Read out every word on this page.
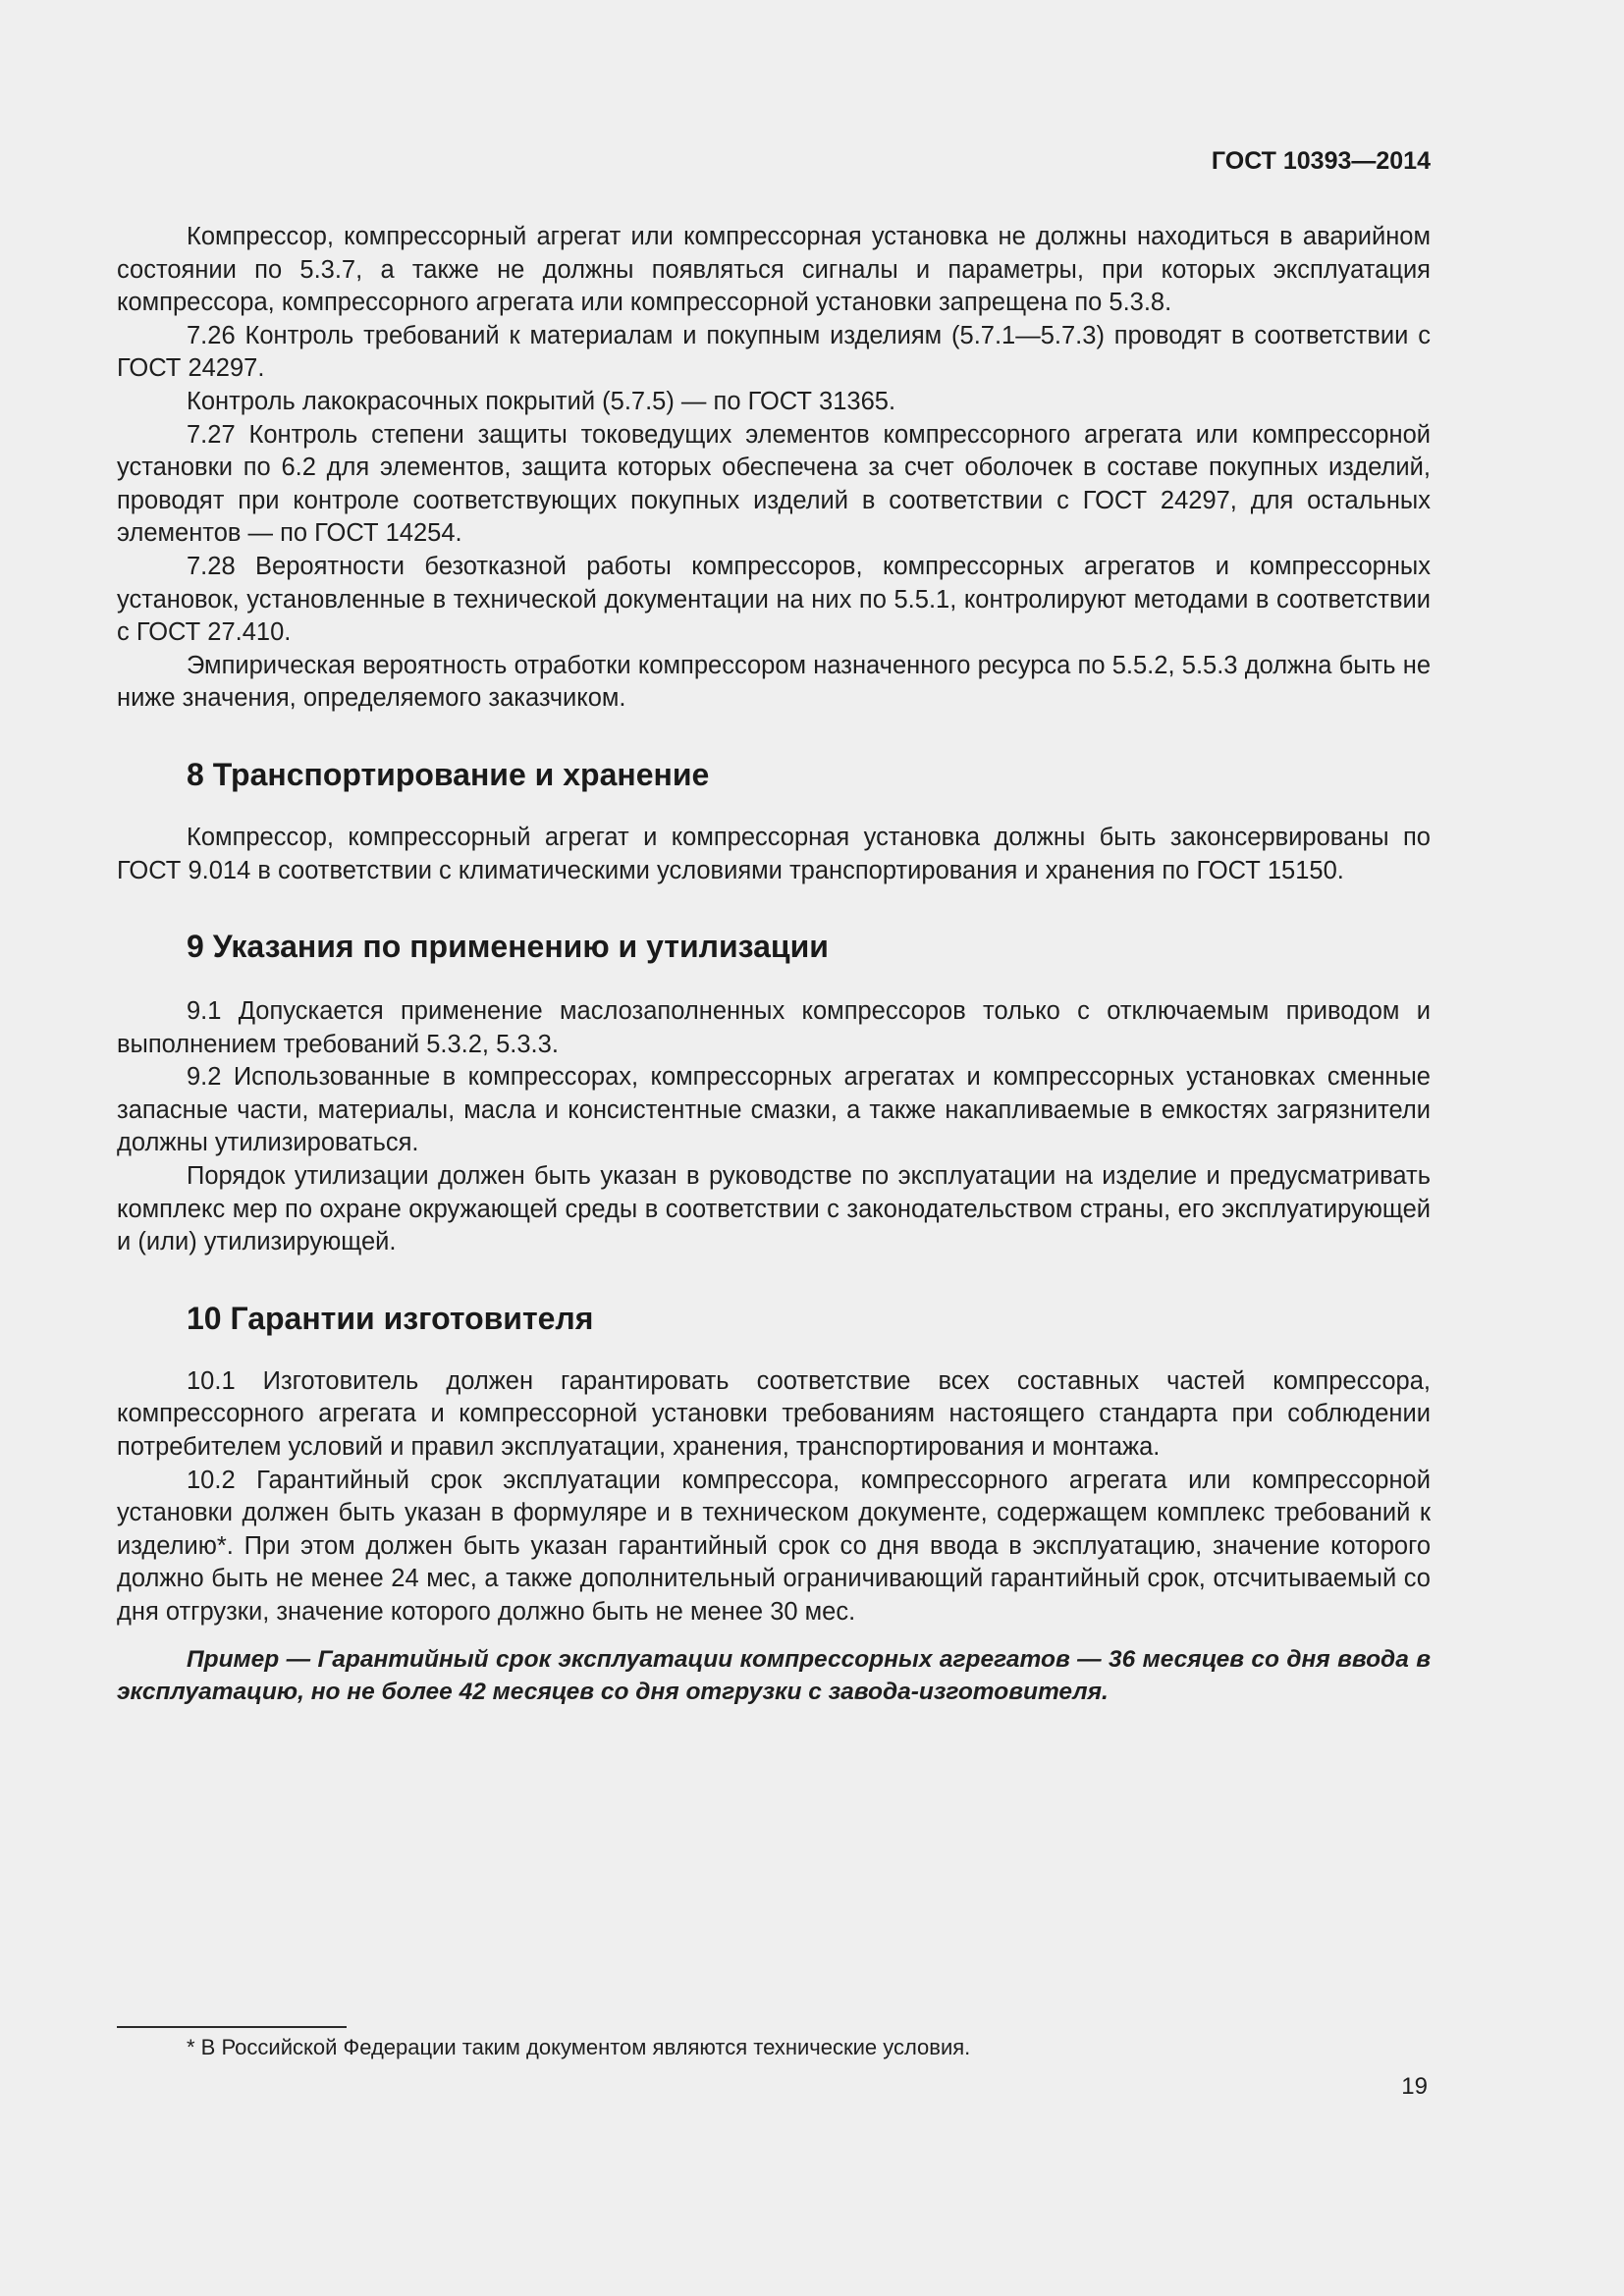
ГОСТ 10393—2014

Компрессор, компрессорный агрегат или компрессорная установка не должны находиться в аварийном состоянии по 5.3.7, а также не должны появляться сигналы и параметры, при которых эксплуатация компрессора, компрессорного агрегата или компрессорной установки запрещена по 5.3.8.

7.26 Контроль требований к материалам и покупным изделиям (5.7.1—5.7.3) проводят в соответствии с ГОСТ 24297.

Контроль лакокрасочных покрытий (5.7.5) — по ГОСТ 31365.

7.27 Контроль степени защиты токоведущих элементов компрессорного агрегата или компрессорной установки по 6.2 для элементов, защита которых обеспечена за счет оболочек в составе покупных изделий, проводят при контроле соответствующих покупных изделий в соответствии с ГОСТ 24297, для остальных элементов — по ГОСТ 14254.

7.28 Вероятности безотказной работы компрессоров, компрессорных агрегатов и компрессорных установок, установленные в технической документации на них по 5.5.1, контролируют методами в соответствии с ГОСТ 27.410.

Эмпирическая вероятность отработки компрессором назначенного ресурса по 5.5.2, 5.5.3 должна быть не ниже значения, определяемого заказчиком.

8 Транспортирование и хранение

Компрессор, компрессорный агрегат и компрессорная установка должны быть законсервированы по ГОСТ 9.014 в соответствии с климатическими условиями транспортирования и хранения по ГОСТ 15150.

9 Указания по применению и утилизации

9.1 Допускается применение маслозаполненных компрессоров только с отключаемым приводом и выполнением требований 5.3.2, 5.3.3.

9.2 Использованные в компрессорах, компрессорных агрегатах и компрессорных установках сменные запасные части, материалы, масла и консистентные смазки, а также накапливаемые в емкостях загрязнители должны утилизироваться.

Порядок утилизации должен быть указан в руководстве по эксплуатации на изделие и предусматривать комплекс мер по охране окружающей среды в соответствии с законодательством страны, его эксплуатирующей и (или) утилизирующей.

10 Гарантии изготовителя

10.1 Изготовитель должен гарантировать соответствие всех составных частей компрессора, компрессорного агрегата и компрессорной установки требованиям настоящего стандарта при соблюдении потребителем условий и правил эксплуатации, хранения, транспортирования и монтажа.

10.2 Гарантийный срок эксплуатации компрессора, компрессорного агрегата или компрессорной установки должен быть указан в формуляре и в техническом документе, содержащем комплекс требований к изделию*. При этом должен быть указан гарантийный срок со дня ввода в эксплуатацию, значение которого должно быть не менее 24 мес, а также дополнительный ограничивающий гарантийный срок, отсчитываемый со дня отгрузки, значение которого должно быть не менее 30 мес.

Пример — Гарантийный срок эксплуатации компрессорных агрегатов — 36 месяцев со дня ввода в эксплуатацию, но не более 42 месяцев со дня отгрузки с завода-изготовителя.

* В Российской Федерации таким документом являются технические условия.
19
